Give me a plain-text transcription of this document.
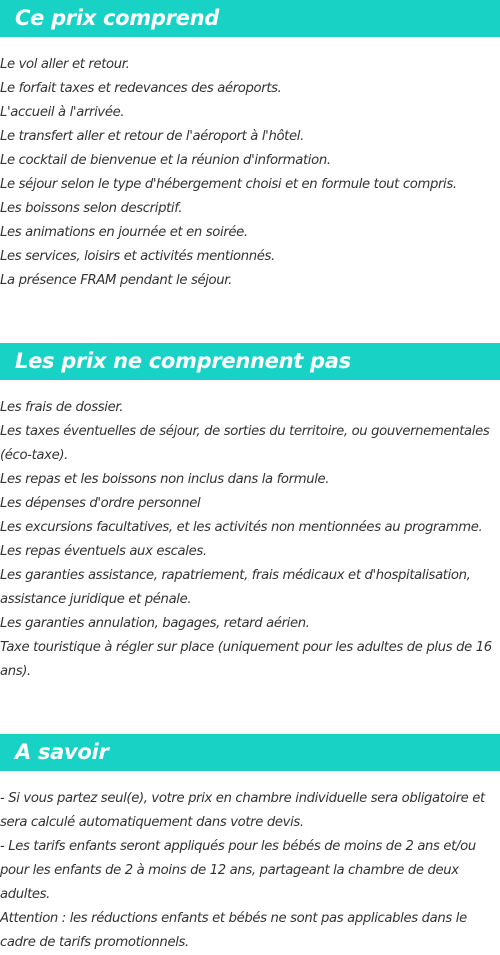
Ce prix comprend
Le vol aller et retour.
Le forfait taxes et redevances des aéroports.
L'accueil à l'arrivée.
Le transfert aller et retour de l'aéroport à l'hôtel.
Le cocktail de bienvenue et la réunion d'information.
Le séjour selon le type d'hébergement choisi et en formule tout compris.
Les boissons selon descriptif.
Les animations en journée et en soirée.
Les services, loisirs et activités mentionnés.
La présence FRAM pendant le séjour.
Les prix ne comprennent pas
Les frais de dossier.
Les taxes éventuelles de séjour, de sorties du territoire, ou gouvernementales (éco-taxe).
Les repas et les boissons non inclus dans la formule.
Les dépenses d'ordre personnel
Les excursions facultatives, et les activités non mentionnées au programme.
Les repas éventuels aux escales.
Les garanties assistance, rapatriement, frais médicaux et d'hospitalisation, assistance juridique et pénale.
Les garanties annulation, bagages, retard aérien.
Taxe touristique à régler sur place (uniquement pour les adultes de plus de 16 ans).
A savoir
- Si vous partez seul(e), votre prix en chambre individuelle sera obligatoire et sera calculé automatiquement dans votre devis.
- Les tarifs enfants seront appliqués pour les bébés de moins de 2 ans et/ou pour les enfants de 2 à moins de 12 ans, partageant la chambre de deux adultes.
Attention : les réductions enfants et bébés ne sont pas applicables dans le cadre de tarifs promotionnels.
